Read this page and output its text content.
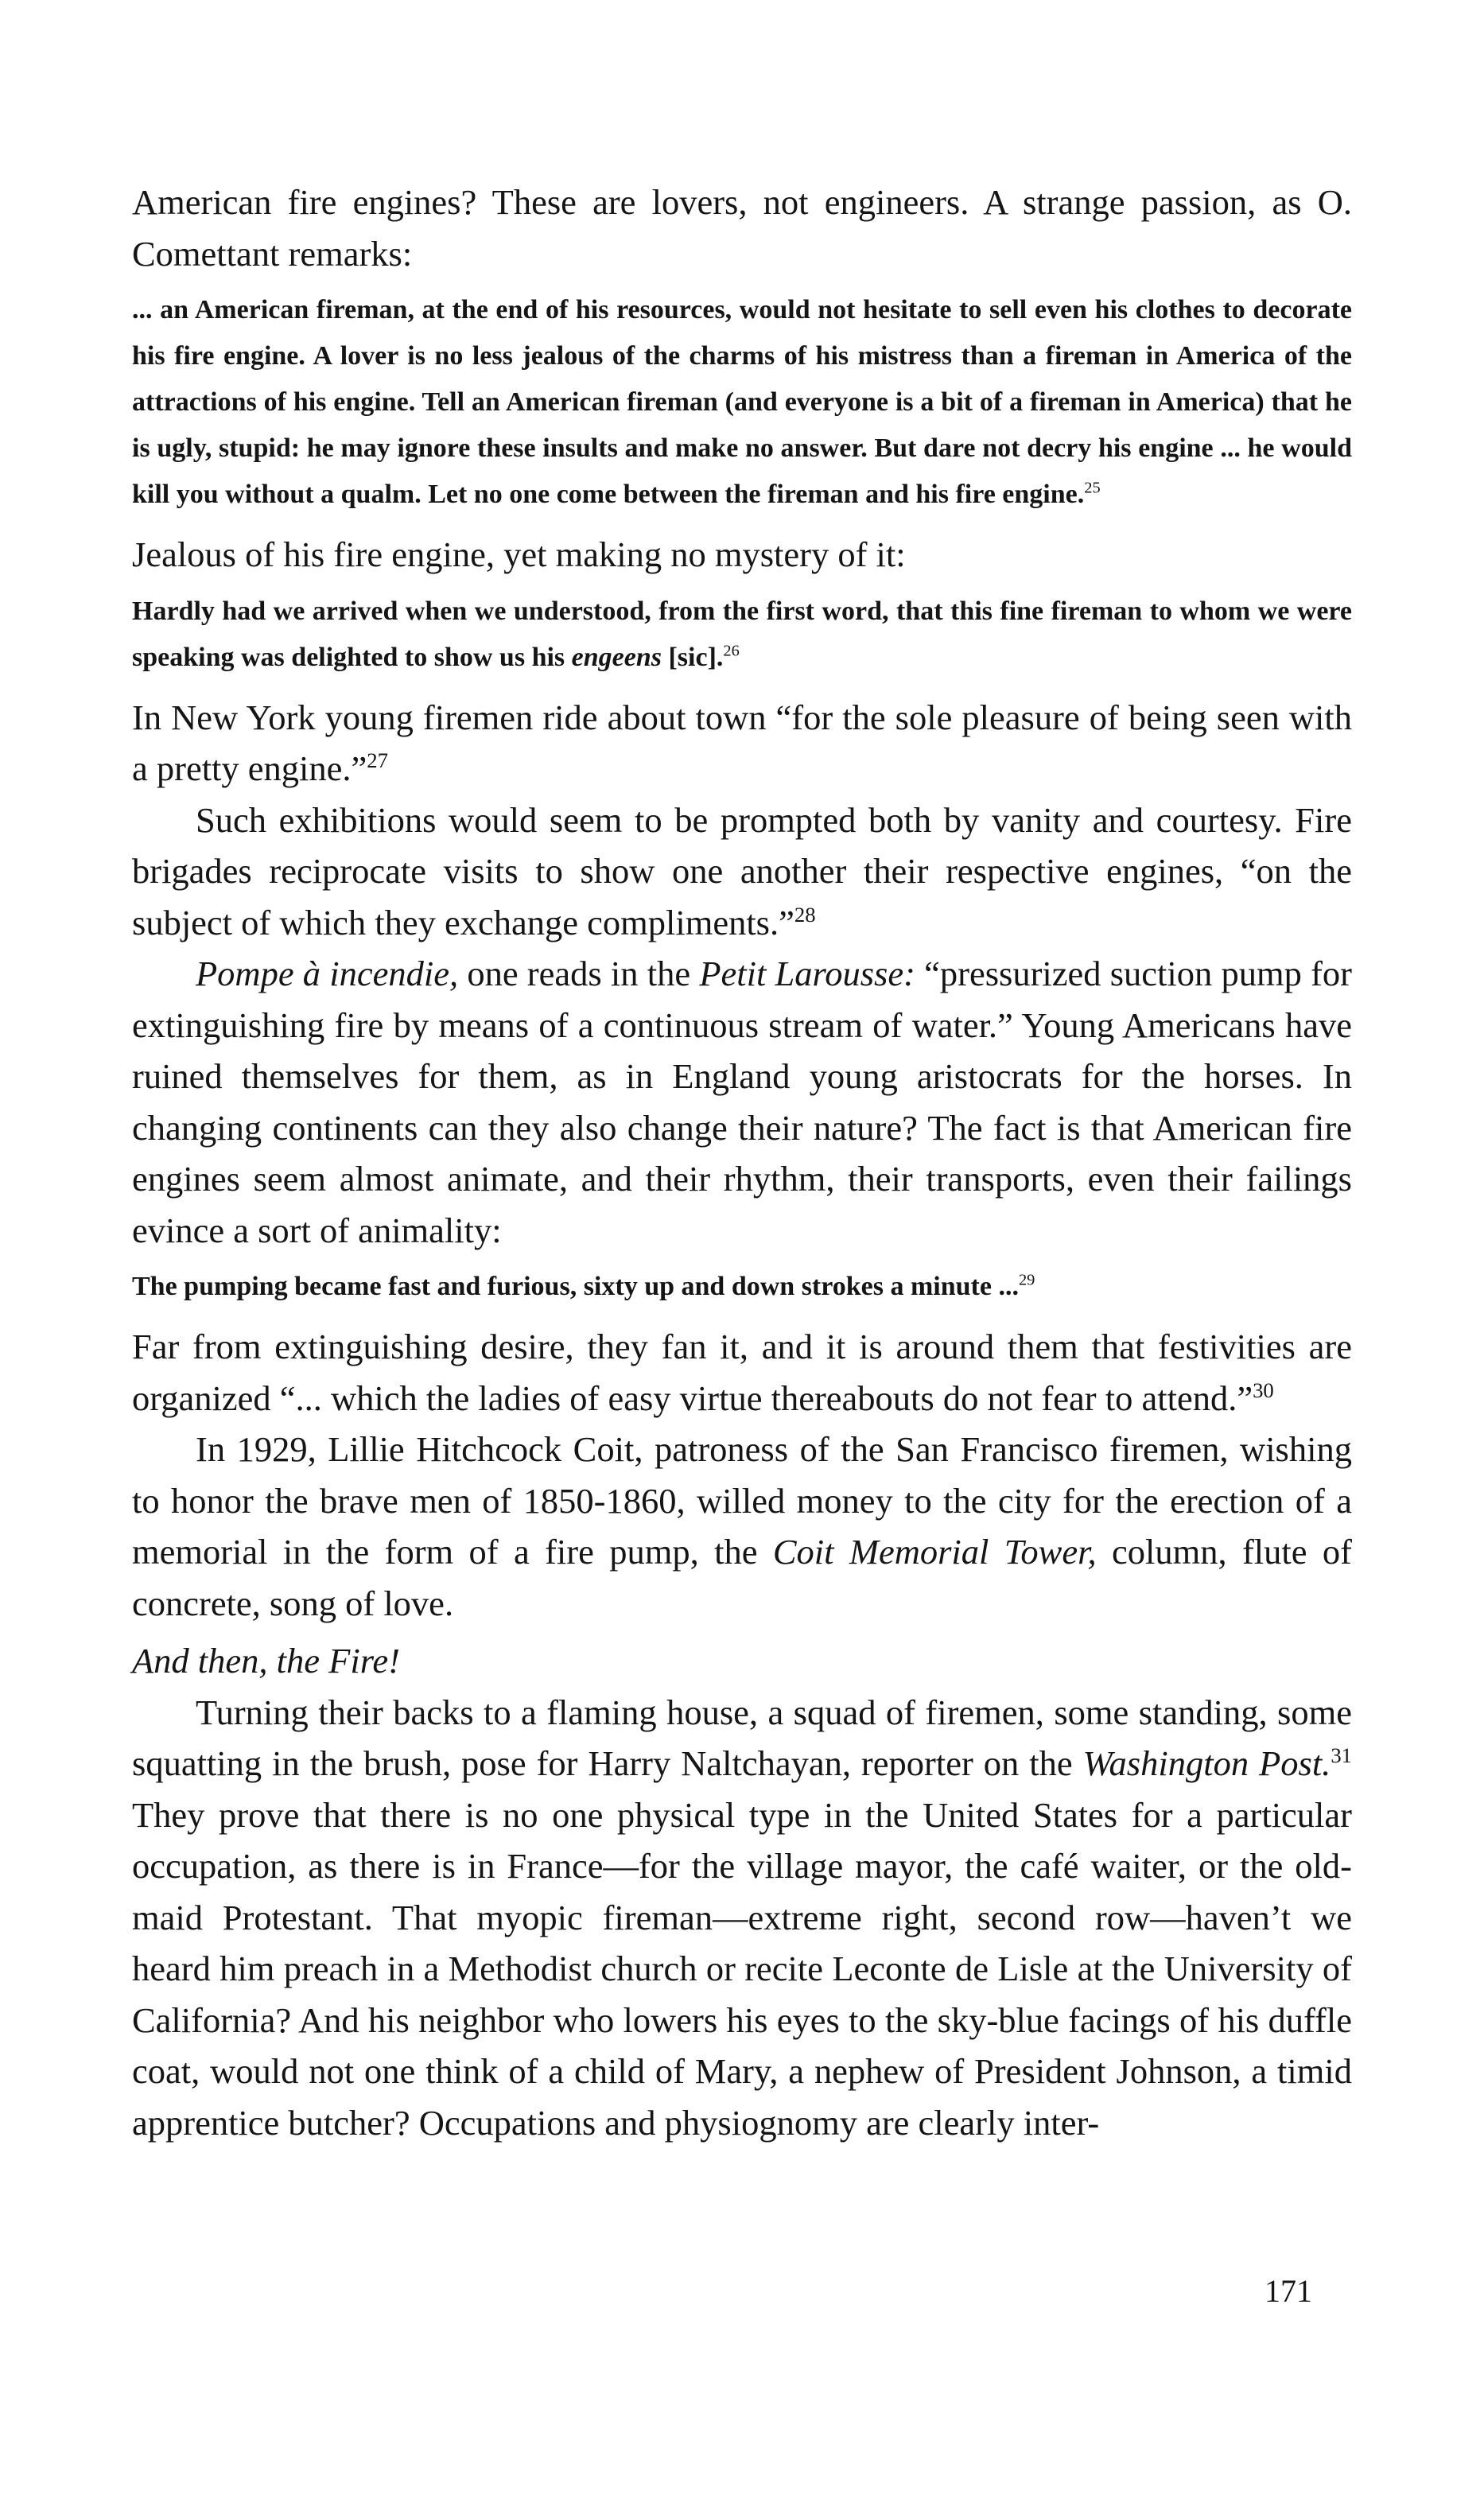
American fire engines? These are lovers, not engineers. A strange passion, as O. Comettant remarks:

... an American fireman, at the end of his resources, would not hesitate to sell even his clothes to decorate his fire engine. A lover is no less jealous of the charms of his mistress than a fireman in America of the attractions of his engine. Tell an American fireman (and everyone is a bit of a fireman in America) that he is ugly, stupid: he may ignore these insults and make no answer. But dare not decry his engine ... he would kill you without a qualm. Let no one come between the fireman and his fire engine.$^{25}$

Jealous of his fire engine, yet making no mystery of it:

Hardly had we arrived when we understood, from the first word, that this fine fireman to whom we were speaking was delighted to show us his engeens [sic].$^{26}$

In New York young firemen ride about town “for the sole pleasure of being seen with a pretty engine.”$^{27}$

Such exhibitions would seem to be prompted both by vanity and courtesy. Fire brigades reciprocate visits to show one another their respective engines, “on the subject of which they exchange compliments.”$^{28}$

Pompe à incendie, one reads in the Petit Larousse: “pressurized suction pump for extinguishing fire by means of a continuous stream of water.” Young Americans have ruined themselves for them, as in England young aristocrats for the horses. In changing continents can they also change their nature? The fact is that American fire engines seem almost animate, and their rhythm, their transports, even their failings evince a sort of animality:

The pumping became fast and furious, sixty up and down strokes a minute ...$^{29}$

Far from extinguishing desire, they fan it, and it is around them that festivities are organized “... which the ladies of easy virtue thereabouts do not fear to attend.”$^{30}$

In 1929, Lillie Hitchcock Coit, patroness of the San Francisco firemen, wishing to honor the brave men of 1850-1860, willed money to the city for the erection of a memorial in the form of a fire pump, the Coit Memorial Tower, column, flute of concrete, song of love.

And then, the Fire!

Turning their backs to a flaming house, a squad of firemen, some standing, some squatting in the brush, pose for Harry Naltchayan, reporter on the Washington Post.$^{31}$ They prove that there is no one physical type in the United States for a particular occupation, as there is in France—for the village mayor, the café waiter, or the old-maid Protestant. That myopic fireman—extreme right, second row—haven’t we heard him preach in a Methodist church or recite Leconte de Lisle at the University of California? And his neighbor who lowers his eyes to the sky-blue facings of his duffle coat, would not one think of a child of Mary, a nephew of President Johnson, a timid apprentice butcher? Occupations and physiognomy are clearly inter-

171
